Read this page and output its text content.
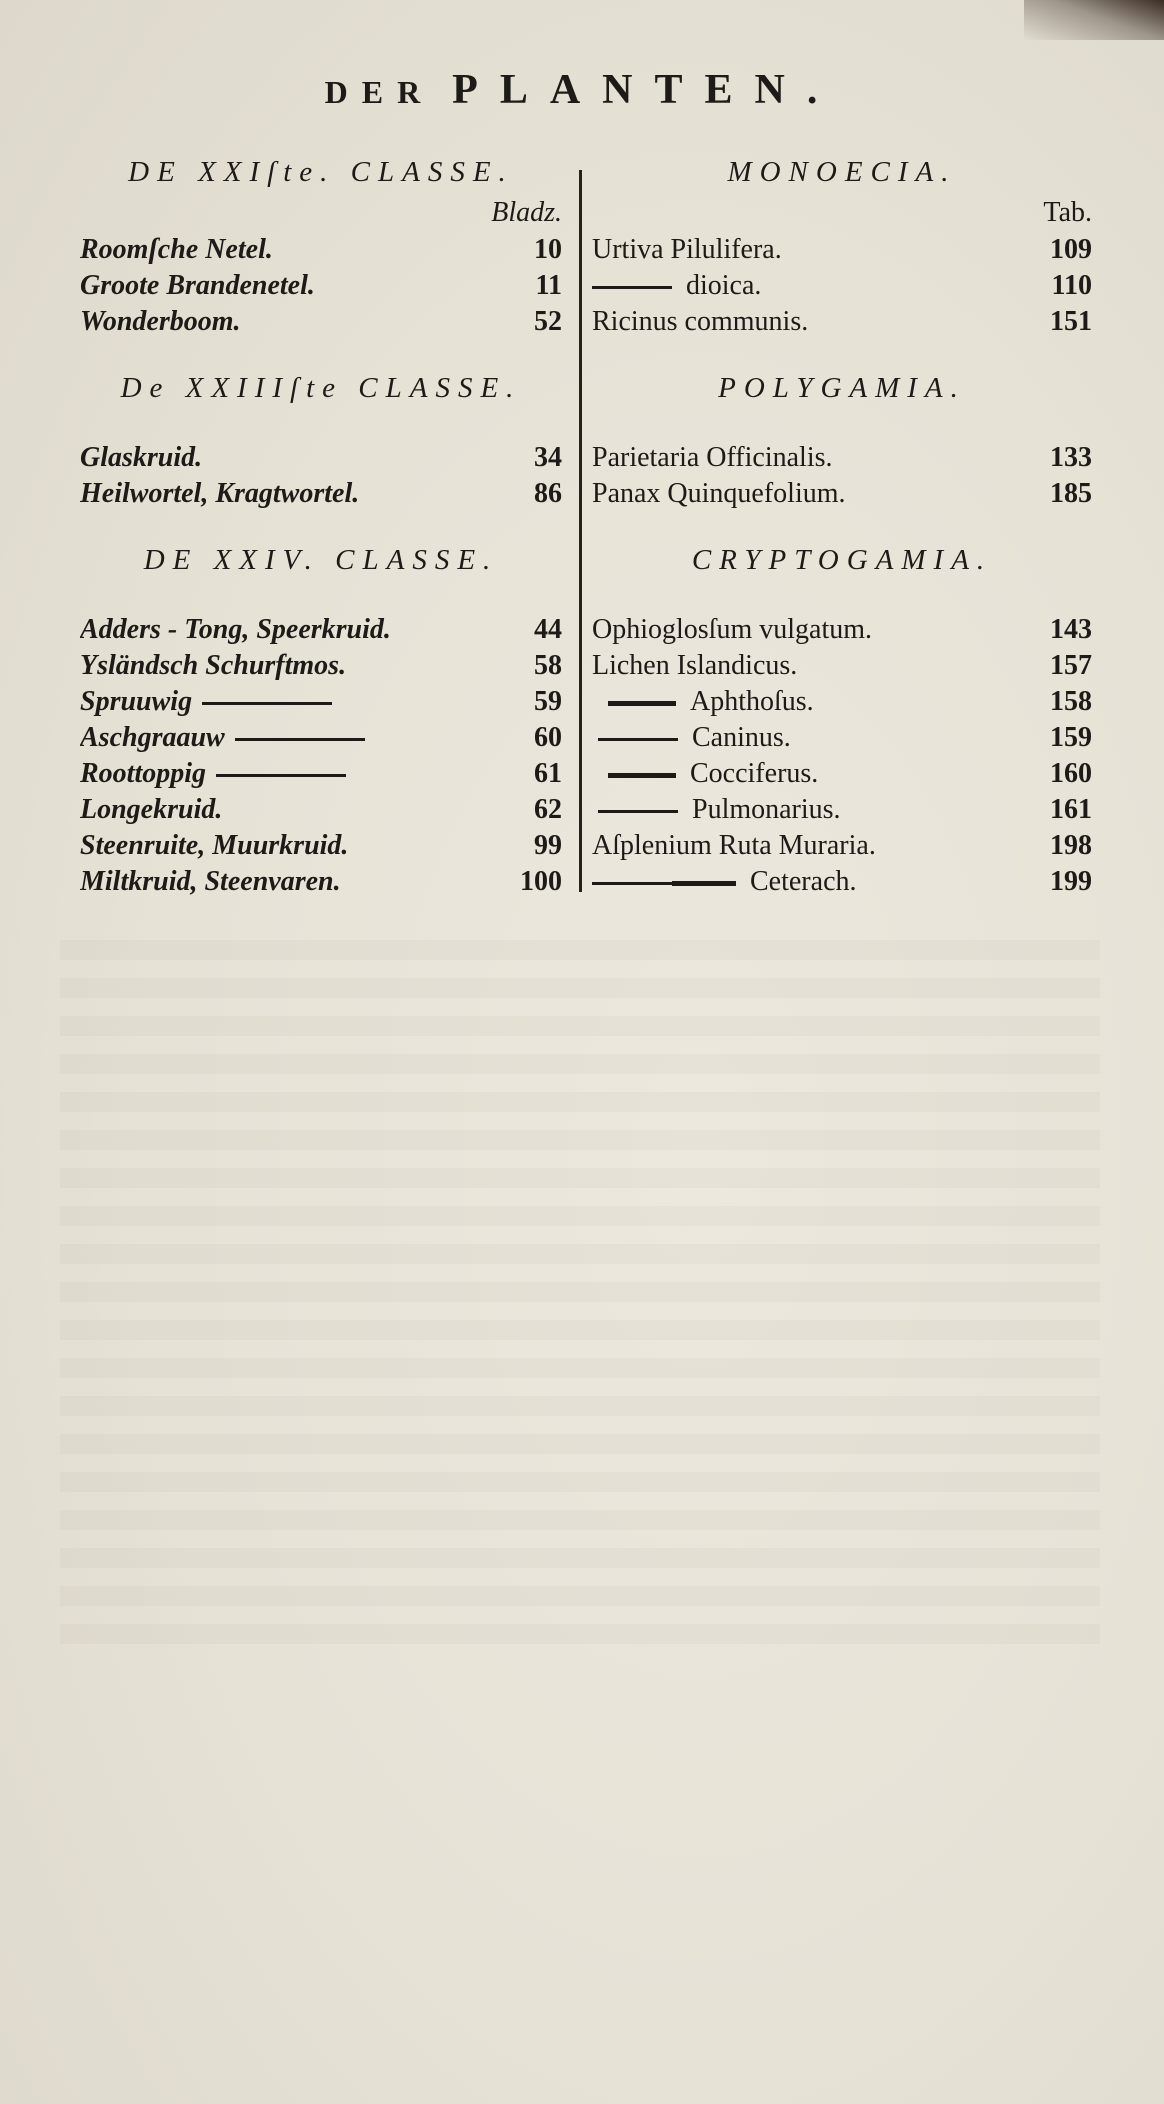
DER PLANTEN.
DE XXIſte. CLASSE.
Bladz.
Roomſche Netel.	10
Groote Brandenetel.	11
Wonderboom.	52
De XXIIIſte CLASSE.
Glaskruid.	34
Heilwortel, Kragtwortel.	86
DE XXIV. CLASSE.
Adders - Tong, Speerkruid.	44
Ysländsch Schurftmos.	58
Spruuwig	59
Aschgraauw	60
Roottoppig	61
Longekruid.	62
Steenruite, Muurkruid.	99
Miltkruid, Steenvaren.	100
MONOECIA.
Tab.
Urtiva Pilulifera.	109
dioica.	110
Ricinus communis.	151
POLYGAMIA.
Parietaria Officinalis.	133
Panax Quinquefolium.	185
CRYPTOGAMIA.
Ophioglosſum vulgatum.	143
Lichen Islandicus.	157
Aphthoſus.	158
Caninus.	159
Cocciferus.	160
Pulmonarius.	161
Aſplenium Ruta Muraria.	198
Ceterach.	199
